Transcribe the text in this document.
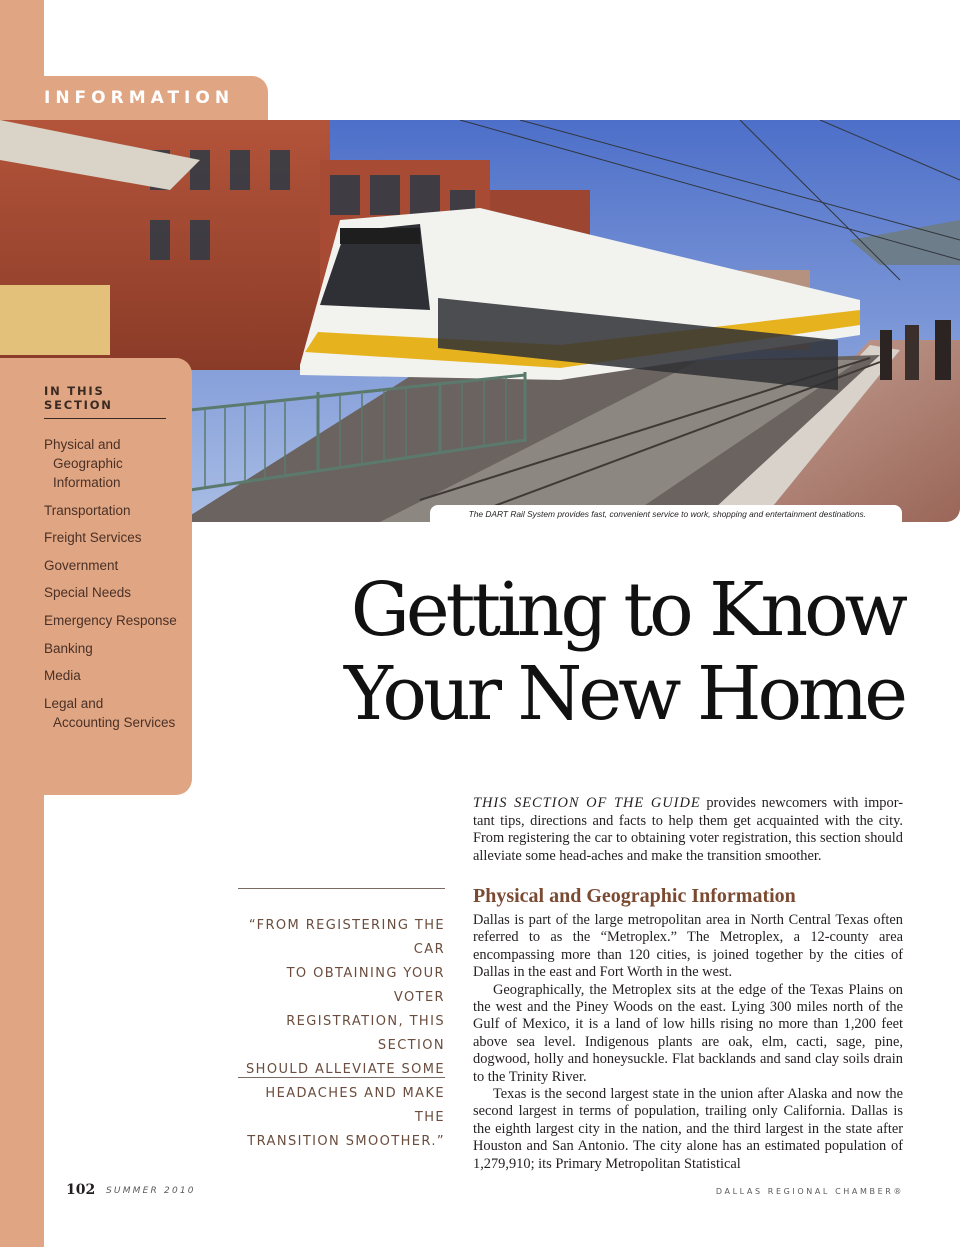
INFORMATION
The DART Rail System provides fast, convenient service to work, shopping and entertainment destinations.
IN THIS SECTION
Physical and
Geographic
Information
Transportation
Freight Services
Government
Special Needs
Emergency Response
Banking
Media
Legal and
Accounting Services
Getting to Know
Your New Home

THIS SECTION OF THE GUIDE provides newcomers with impor-tant tips, directions and facts to help them get acquainted with the city. From registering the car to obtaining voter registration, this section should alleviate some head-aches and make the transition smoother.

“FROM REGISTERING THE CAR
TO OBTAINING YOUR VOTER
REGISTRATION, THIS SECTION
SHOULD ALLEVIATE SOME
HEADACHES AND MAKE THE
TRANSITION SMOOTHER.”
Physical and Geographic Information

Dallas is part of the large metropolitan area in North Central Texas often referred to as the “Metroplex.” The Metroplex, a 12-county area encompassing more than 120 cities, is joined together by the cities of Dallas in the east and Fort Worth in the west.

Geographically, the Metroplex sits at the edge of the Texas Plains on the west and the Piney Woods on the east. Lying 300 miles north of the Gulf of Mexico, it is a land of low hills rising no more than 1,200 feet above sea level. Indigenous plants are oak, elm, cacti, sage, pine, dogwood, holly and honeysuckle. Flat backlands and sand clay soils drain to the Trinity River.

Texas is the second largest state in the union after Alaska and now the second largest in terms of population, trailing only California. Dallas is the eighth largest city in the nation, and the third largest in the state after Houston and San Antonio. The city alone has an estimated population of 1,279,910; its Primary Metropolitan Statistical

102 SUMMER 2010	DALLAS REGIONAL CHAMBER®
